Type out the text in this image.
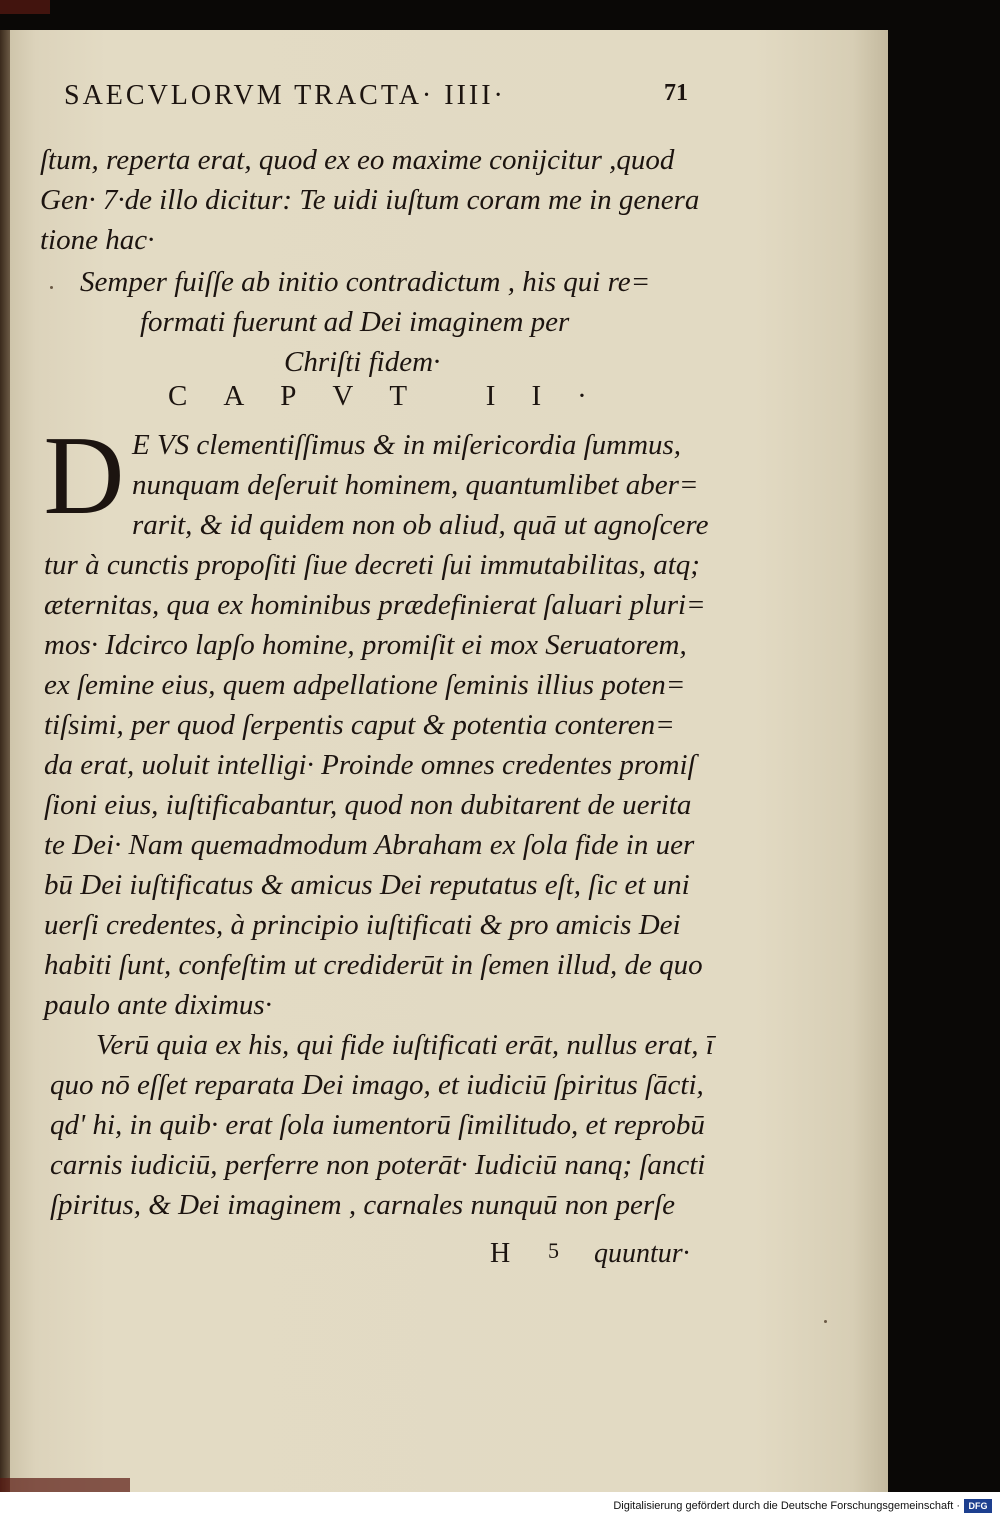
SAECVLORVM TRACTA· IIII·	71
ſtum, reperta erat, quod ex eo maxime conijcitur ,quod
Gen· 7·de illo dicitur: Te uidi iuſtum coram me in genera
tione hac·
Semper fuiſſe ab initio contradictum , his qui re=
formati fuerunt ad Dei imaginem per
Chriſti fidem·
CAPVT II·
D E VS clementiſſimus & in miſericordia ſummus,
nunquam deſeruit hominem, quantumlibet aber=
rarit, & id quidem non ob aliud, quā ut agnoſcere
tur à cunctis propoſiti ſiue decreti ſui immutabilitas, atq;
æternitas, qua ex hominibus prædefinierat ſaluari pluri=
mos· Idcirco lapſo homine, promiſit ei mox Seruatorem,
ex ſemine eius, quem adpellatione ſeminis illius poten=
tiſsimi, per quod ſerpentis caput & potentia conteren=
da erat, uoluit intelligi· Proinde omnes credentes promiſ
ſioni eius, iuſtificabantur, quod non dubitarent de uerita
te Dei· Nam quemadmodum Abraham ex ſola fide in uer
bū Dei iuſtificatus & amicus Dei reputatus eſt, ſic et uni
uerſi credentes, à principio iuſtificati & pro amicis Dei
habiti ſunt, confeſtim ut crediderūt in ſemen illud, de quo
paulo ante diximus·
Verū quia ex his, qui fide iuſtificati erāt, nullus erat, ī
quo nō eſſet reparata Dei imago, et iudiciū ſpiritus ſācti,
qd' hi, in quib· erat ſola iumentorū ſimilitudo, et reprobū
carnis iudiciū, perferre non poterāt· Iudiciū nanq; ſancti
ſpiritus, & Dei imaginem , carnales nunquū non perſe
H 5 quuntur·
Digitalisierung gefördert durch die Deutsche Forschungsgemeinschaft · DFG
